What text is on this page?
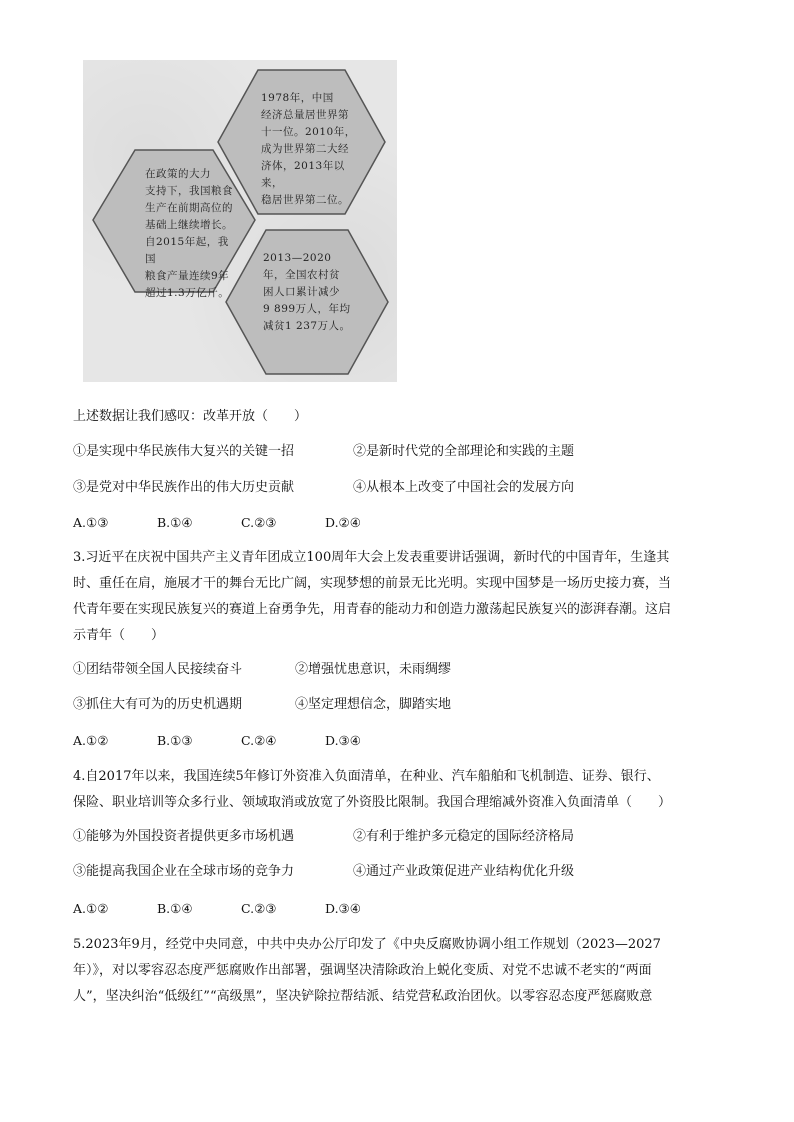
1978年，中国
经济总量居世界第
十一位。2010年，
成为世界第二大经
济体，2013年以来，
稳居世界第二位。
在政策的大力
支持下，我国粮食
生产在前期高位的
基础上继续增长。
自2015年起，我国
粮食产量连续9年
超过1.3万亿斤。
2013—2020
年，全国农村贫
困人口累计减少
9 899万人，年均
减贫1 237万人。
上述数据让我们感叹：改革开放（　　）
①是实现中华民族伟大复兴的关键一招	②是新时代党的全部理论和实践的主题
③是党对中华民族作出的伟大历史贡献	④从根本上改变了中国社会的发展方向
A.①③	B.①④	C.②③	D.②④
3.习近平在庆祝中国共产主义青年团成立100周年大会上发表重要讲话强调，新时代的中国青年，生逢其
时、重任在肩，施展才干的舞台无比广阔，实现梦想的前景无比光明。实现中国梦是一场历史接力赛，当
代青年要在实现民族复兴的赛道上奋勇争先，用青春的能动力和创造力激荡起民族复兴的澎湃春潮。这启
示青年（　　）
①团结带领全国人民接续奋斗	②增强忧患意识，未雨绸缪
③抓住大有可为的历史机遇期	④坚定理想信念，脚踏实地
A.①②	B.①③	C.②④	D.③④
4.自2017年以来，我国连续5年修订外资准入负面清单，在种业、汽车船舶和飞机制造、证券、银行、
保险、职业培训等众多行业、领域取消或放宽了外资股比限制。我国合理缩减外资准入负面清单（　　）
①能够为外国投资者提供更多市场机遇	②有利于维护多元稳定的国际经济格局
③能提高我国企业在全球市场的竞争力	④通过产业政策促进产业结构优化升级
A.①②	B.①④	C.②③	D.③④
5.2023年9月，经党中央同意，中共中央办公厅印发了《中央反腐败协调小组工作规划（2023—2027
年）》，对以零容忍态度严惩腐败作出部署，强调坚决清除政治上蜕化变质、对党不忠诚不老实的“两面
人”，坚决纠治“低级红”“高级黑”，坚决铲除拉帮结派、结党营私政治团伙。以零容忍态度严惩腐败意
